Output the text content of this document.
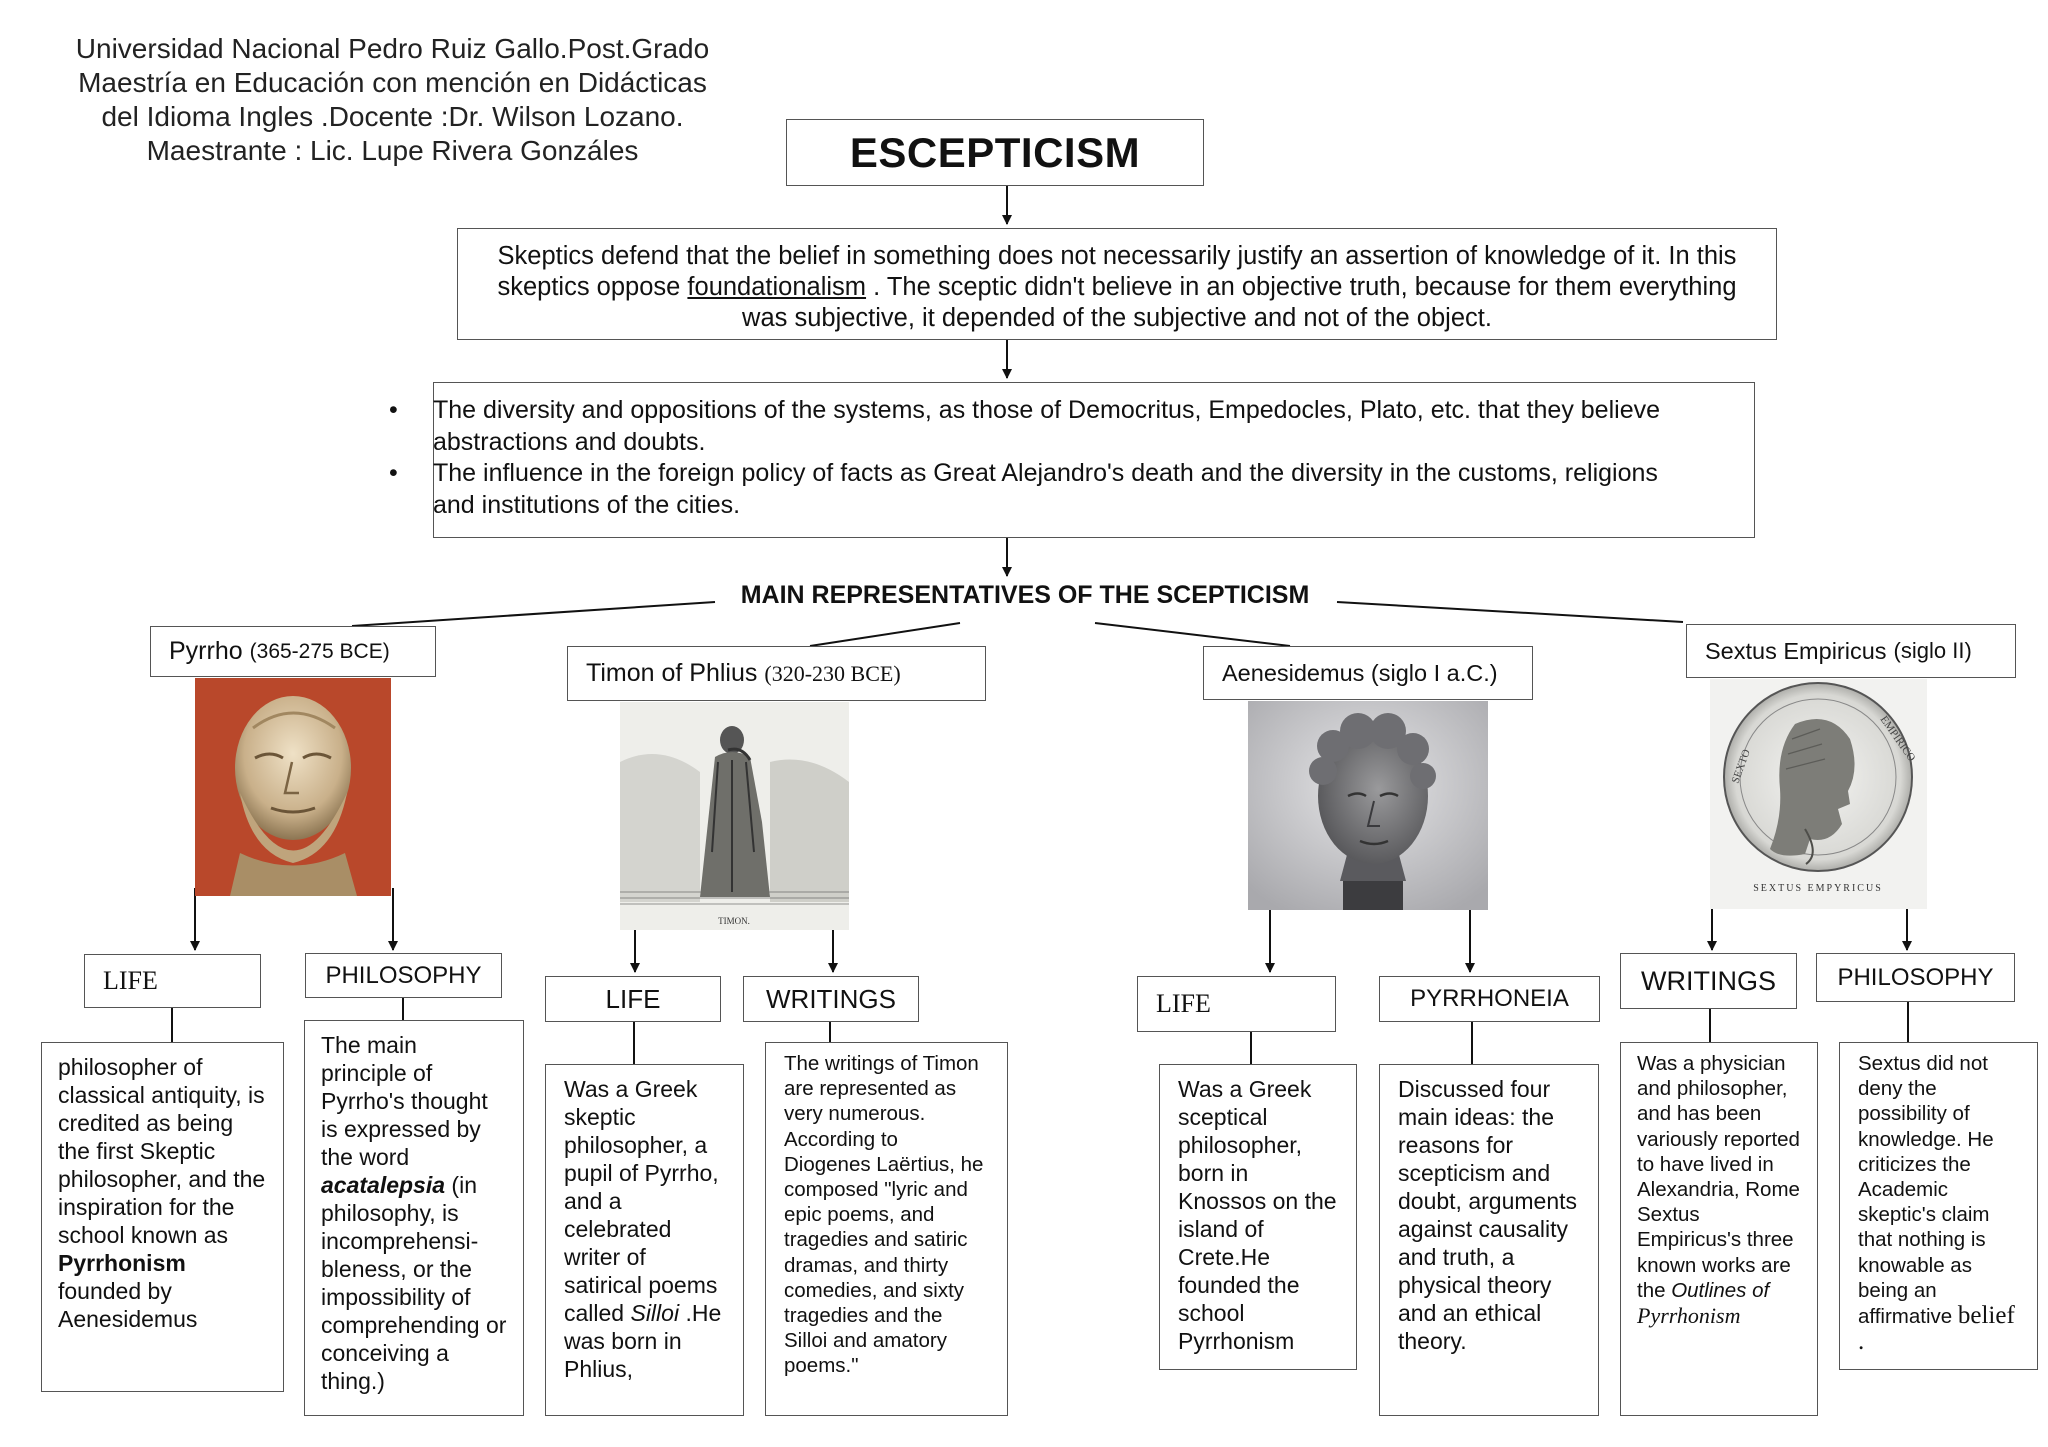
Universidad Nacional Pedro Ruiz Gallo.Post.Grado
Maestría en Educación con mención en Didácticas
del Idioma Ingles .Docente :Dr. Wilson Lozano.
Maestrante : Lic. Lupe Rivera Gonzáles	ESCEPTICISM

Skeptics defend that the belief in something does not necessarily justify an assertion of knowledge of it. In this skeptics oppose foundationalism . The sceptic didn't believe in an objective truth, because for them everything was subjective, it depended of the subjective and not of the object.

• The diversity and oppositions of the systems, as those of Democritus, Empedocles, Plato, etc. that they believe abstractions and doubts.
• The influence in the foreign policy of facts as Great Alejandro's death and the diversity in the customs, religions and institutions of the cities.
MAIN REPRESENTATIVES OF THE SCEPTICISM
Pyrrho (365-275 BCE)
LIFE	PHILOSOPHY
philosopher of classical antiquity, is credited as being the first Skeptic philosopher, and the inspiration for the school known as Pyrrhonism founded by Aenesidemus
The main principle of Pyrrho's thought is expressed by the word acatalepsia (in philosophy, is incomprehensi-bleness, or the impossibility of comprehending or conceiving a thing.)
Timon of Phlius (320-230 BCE)
TIMON.
LIFE	WRITINGS
Was a Greek skeptic philosopher, a pupil of Pyrrho, and a celebrated writer of satirical poems called Silloi .He was born in Phlius,
The writings of Timon are represented as very numerous. According to Diogenes Laërtius, he composed "lyric and epic poems, and tragedies and satiric dramas, and thirty comedies, and sixty tragedies and the Silloi and amatory poems."
Aenesidemus (siglo I a.C.)
LIFE	PYRRHONEIA
Was a Greek sceptical philosopher, born in Knossos on the island of Crete.He founded the school Pyrrhonism
Discussed four main ideas: the reasons for scepticism and doubt, arguments against causality and truth, a physical theory and an ethical theory.
Sextus Empiricus (siglo II)
SEXTO
EMPIRICO
SEXTUS EMPYRICUS
WRITINGS	PHILOSOPHY
Was a physician and philosopher, and has been variously reported to have lived in Alexandria, Rome Sextus Empiricus's three known works are the Outlines of
Pyrrhonism
Sextus did not deny the possibility of knowledge. He criticizes the Academic skeptic's claim that nothing is knowable as being an affirmative belief .
